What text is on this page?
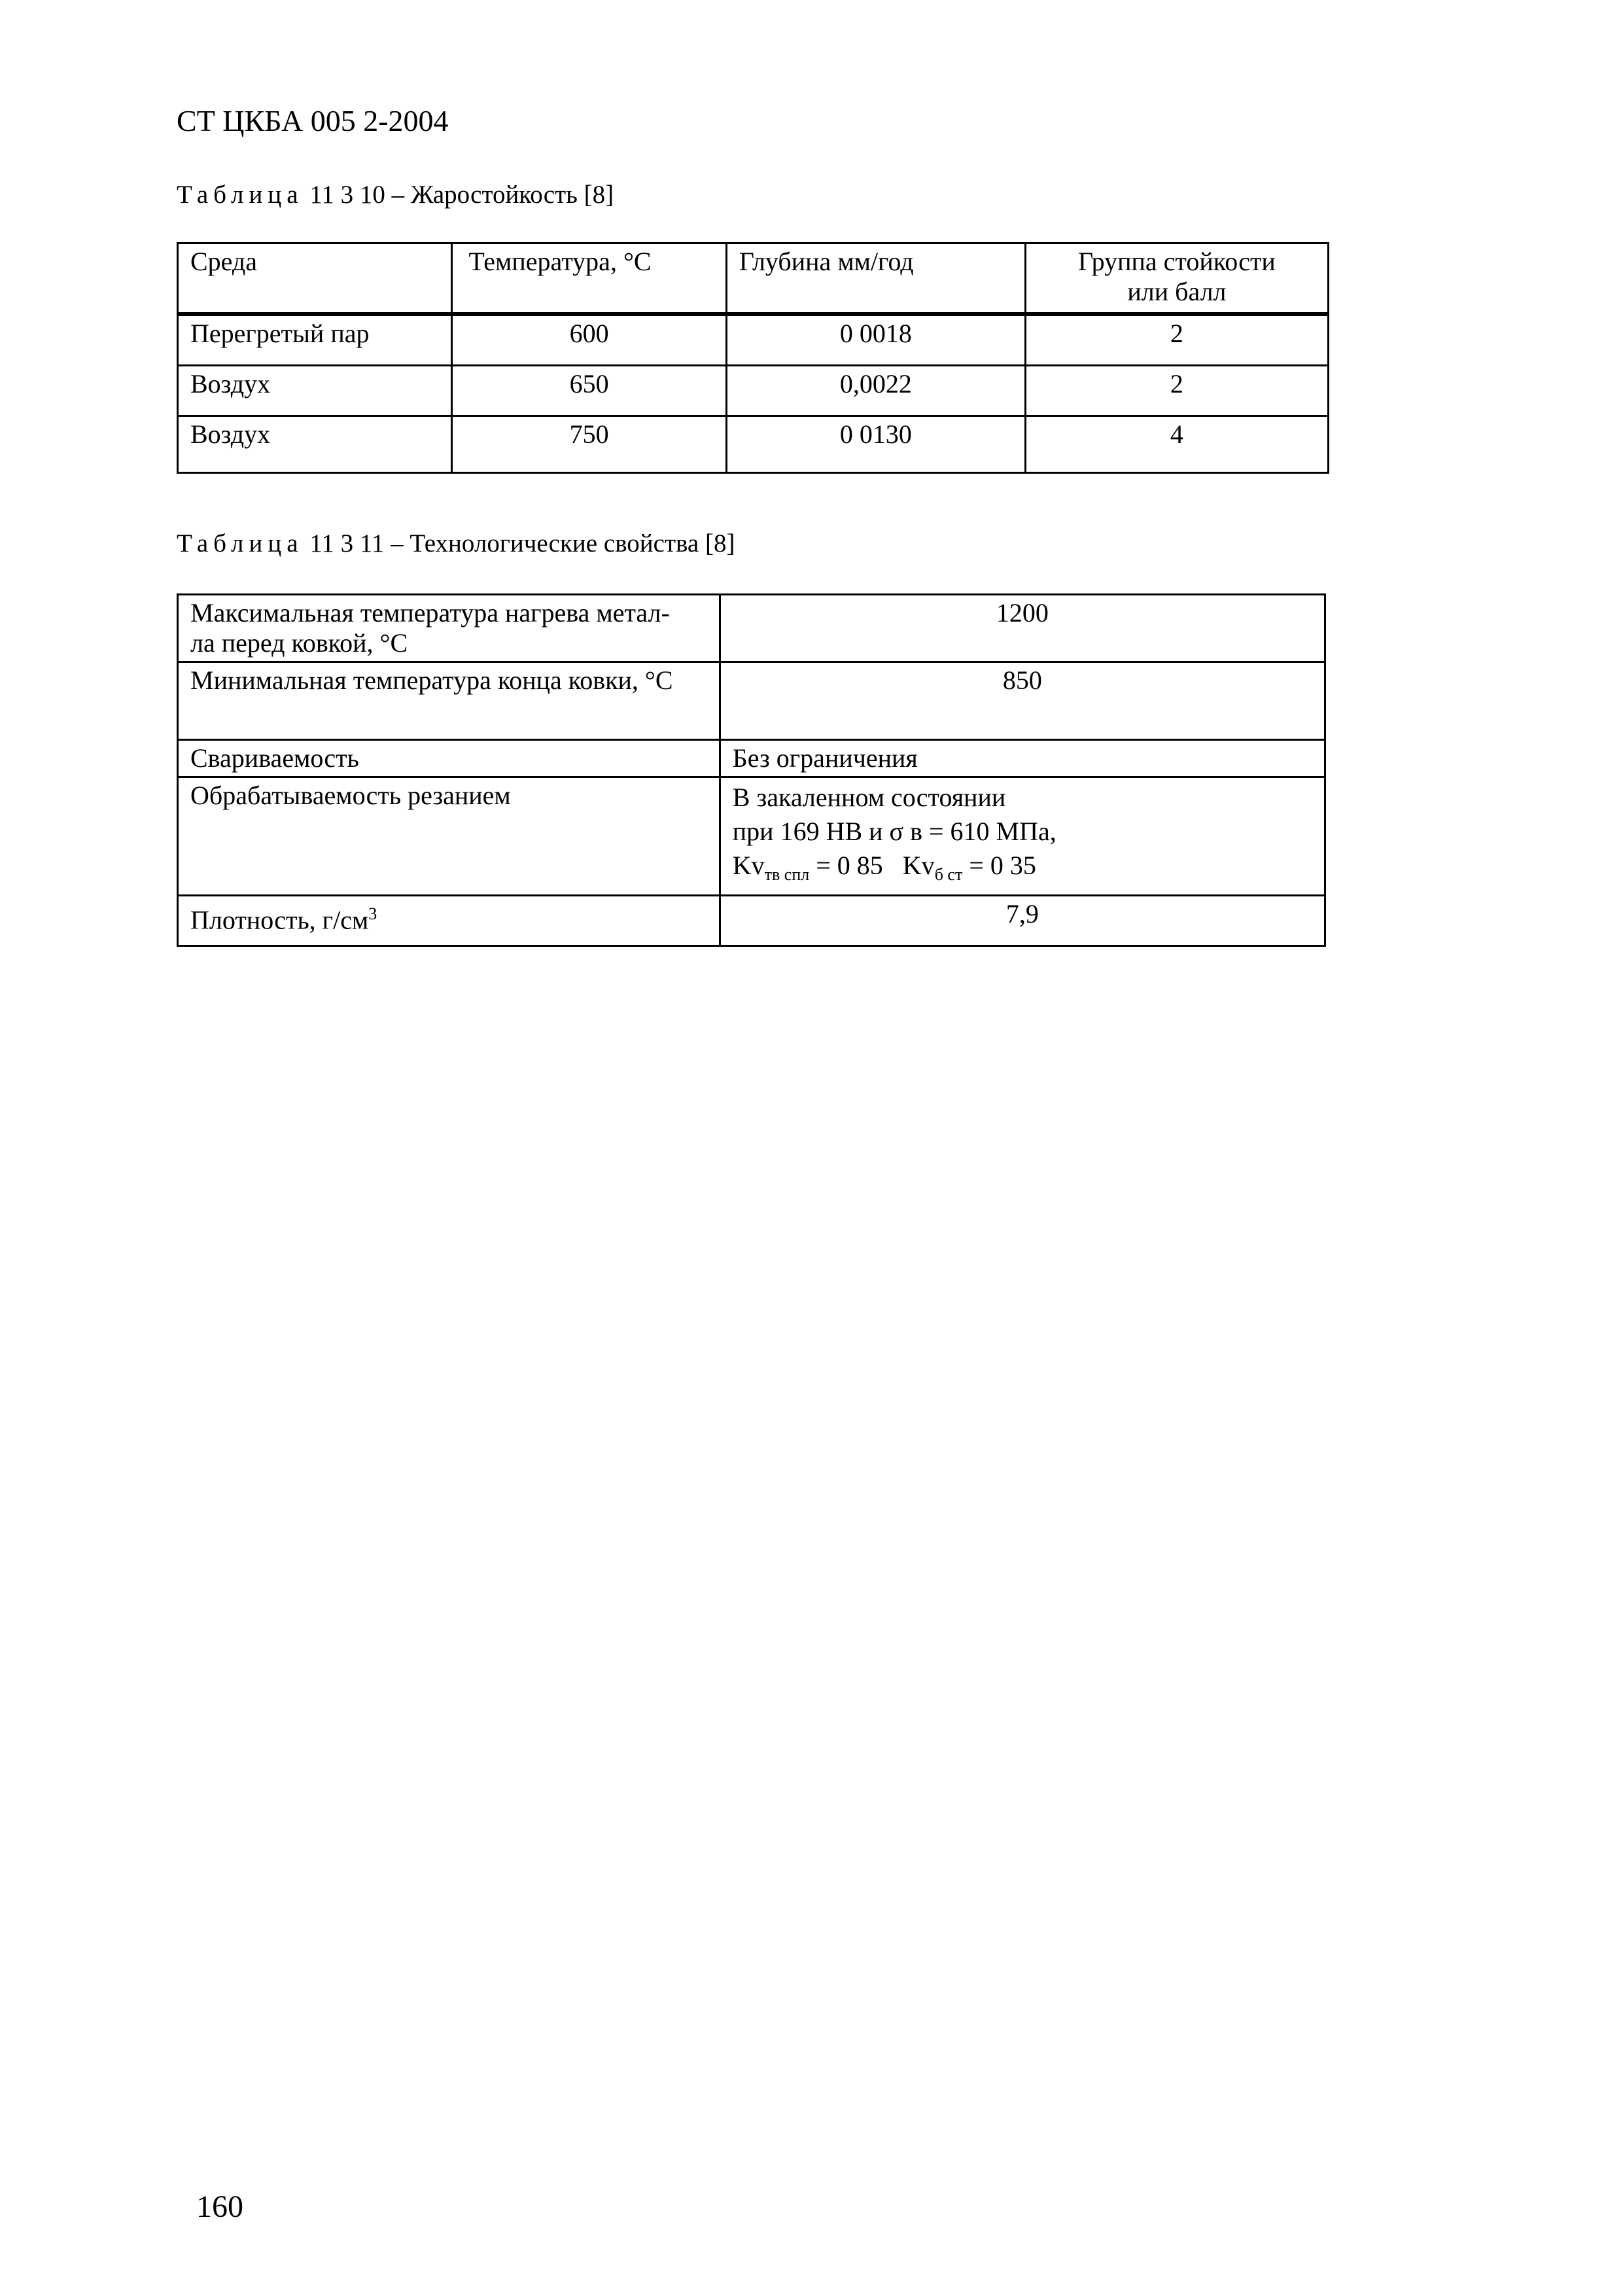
СТ ЦКБА 005 2-2004
Таблица 11 3 10 – Жаростойкость [8]
Среда	Температура, °С	Глубина мм/год	Группа стойкости
или балл

Перегретый пар	600	0 0018	2
Воздух	650	0,0022	2
Воздух	750	0 0130	4
Таблица 11 3 11 – Технологические свойства [8]
Максимальная температура нагрева метал-
ла перед ковкой, °С	1200
Минимальная температура конца ковки, °С	850
Свариваемость	Без ограничения
Обрабатываемость резанием	В закаленном состоянии
при 169 НВ и σ в = 610 МПа,
$Kv_{тв спл} = 0$ 85 $Kv_{б ст} = 0$ 35

Плотность, $г/см^3$	7,9
160
